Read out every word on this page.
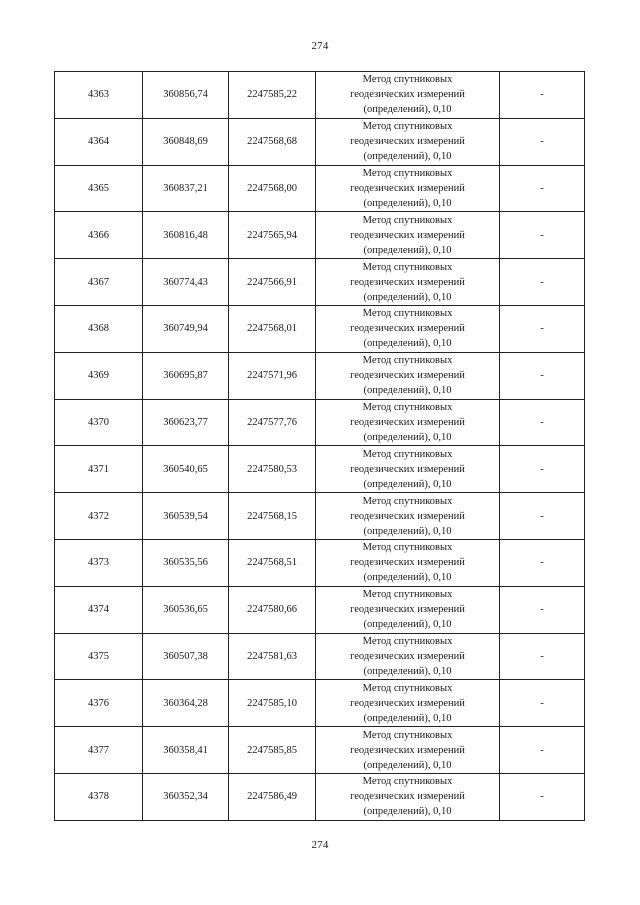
274
4363	360856,74	2247585,22	Метод спутниковых
геодезических измерений
(определений), 0,10	-
4364	360848,69	2247568,68	Метод спутниковых
геодезических измерений
(определений), 0,10	-
4365	360837,21	2247568,00	Метод спутниковых
геодезических измерений
(определений), 0,10	-
4366	360816,48	2247565,94	Метод спутниковых
геодезических измерений
(определений), 0,10	-
4367	360774,43	2247566,91	Метод спутниковых
геодезических измерений
(определений), 0,10	-
4368	360749,94	2247568,01	Метод спутниковых
геодезических измерений
(определений), 0,10	-
4369	360695,87	2247571,96	Метод спутниковых
геодезических измерений
(определений), 0,10	-
4370	360623,77	2247577,76	Метод спутниковых
геодезических измерений
(определений), 0,10	-
4371	360540,65	2247580,53	Метод спутниковых
геодезических измерений
(определений), 0,10	-
4372	360539,54	2247568,15	Метод спутниковых
геодезических измерений
(определений), 0,10	-
4373	360535,56	2247568,51	Метод спутниковых
геодезических измерений
(определений), 0,10	-
4374	360536,65	2247580,66	Метод спутниковых
геодезических измерений
(определений), 0,10	-
4375	360507,38	2247581,63	Метод спутниковых
геодезических измерений
(определений), 0,10	-
4376	360364,28	2247585,10	Метод спутниковых
геодезических измерений
(определений), 0,10	-
4377	360358,41	2247585,85	Метод спутниковых
геодезических измерений
(определений), 0,10	-
4378	360352,34	2247586,49	Метод спутниковых
геодезических измерений
(определений), 0,10	-
274
